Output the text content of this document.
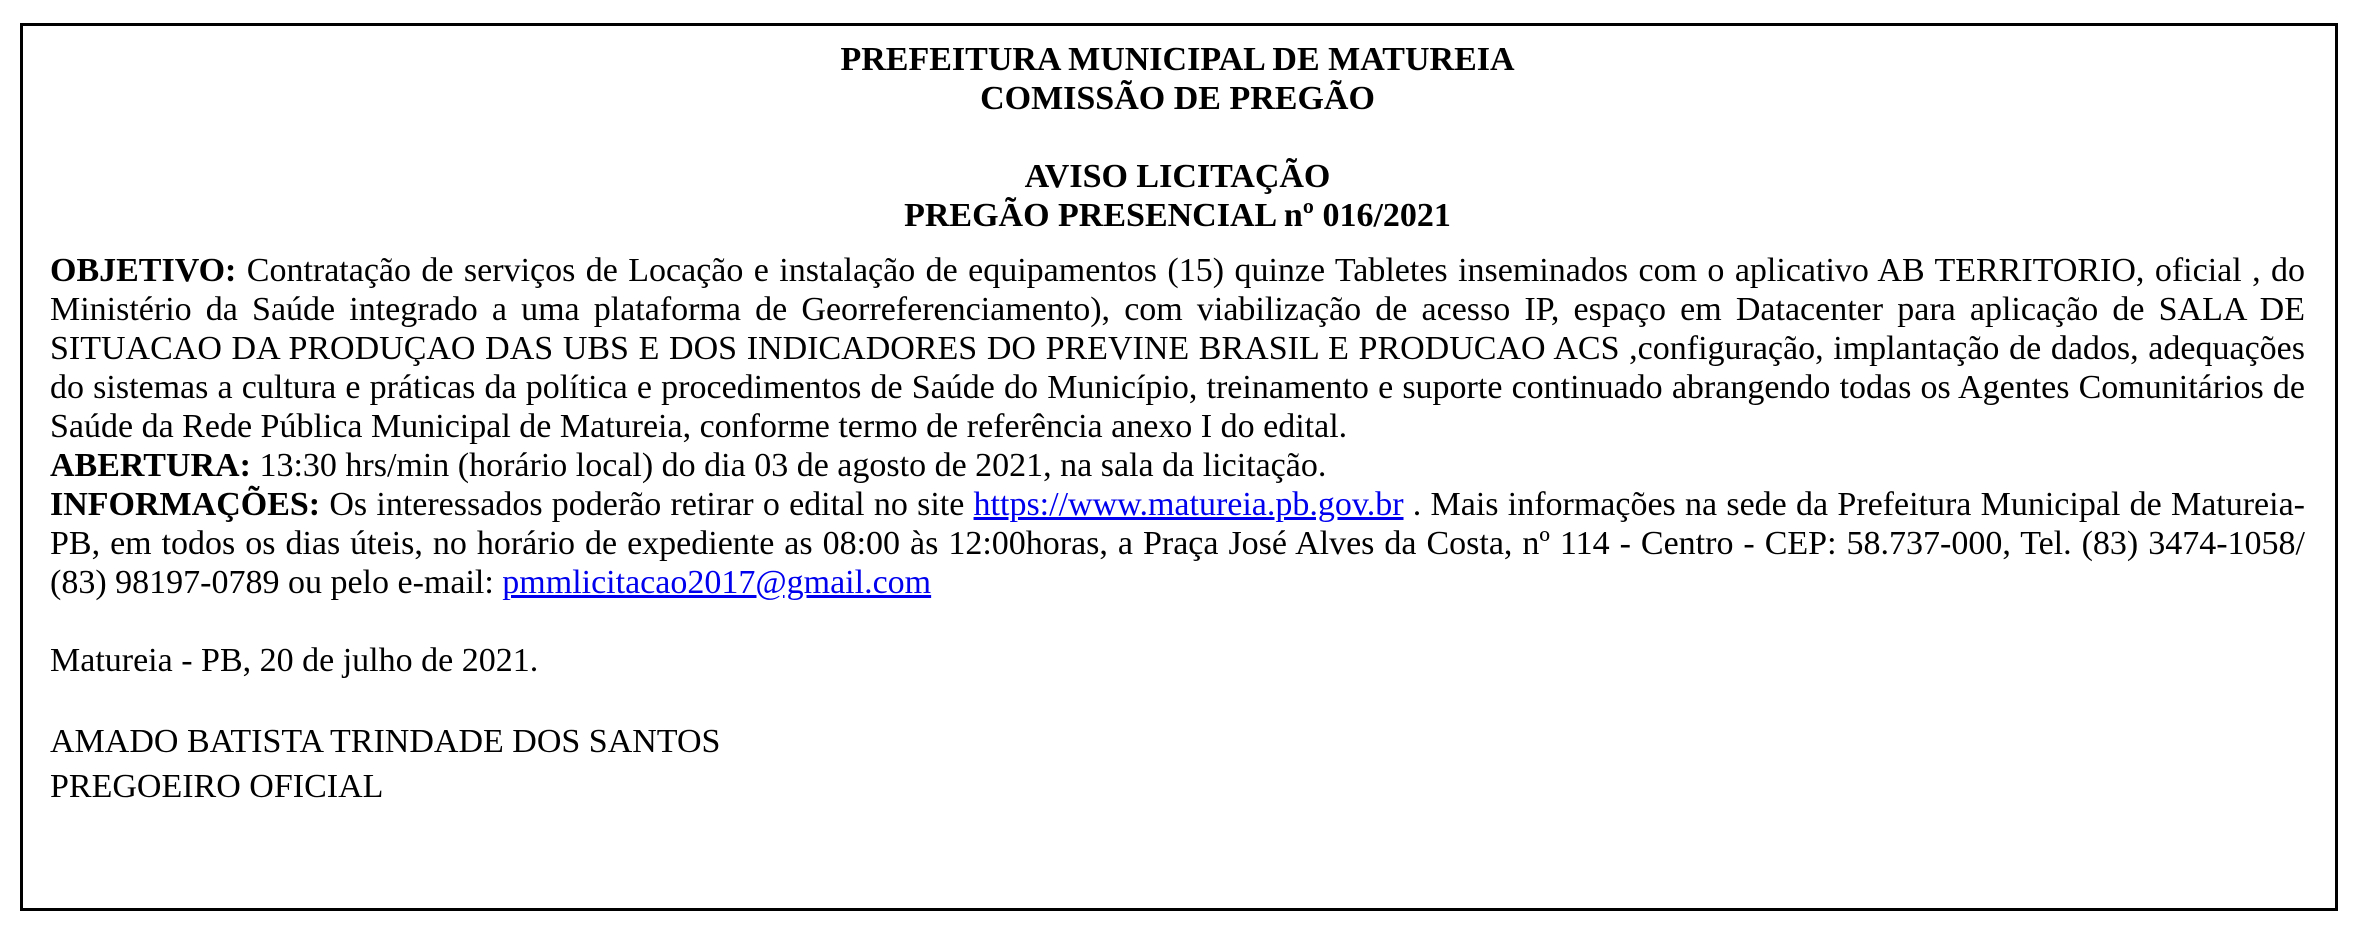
PREFEITURA MUNICIPAL DE MATUREIA
COMISSÃO DE PREGÃO
AVISO LICITAÇÃO
PREGÃO PRESENCIAL nº 016/2021
OBJETIVO: Contratação de serviços de Locação e instalação de equipamentos (15) quinze Tabletes inseminados com o aplicativo AB TERRITORIO, oficial , do Ministério da Saúde integrado a uma plataforma de Georreferenciamento), com viabilização de acesso IP, espaço em Datacenter para aplicação de SALA DE SITUACAO DA PRODUÇAO DAS UBS E DOS INDICADORES DO PREVINE BRASIL E PRODUCAO ACS ,configuração, implantação de dados, adequações do sistemas a cultura e práticas da política e procedimentos de Saúde do Município, treinamento e suporte continuado abrangendo todas os Agentes Comunitários de Saúde da Rede Pública Municipal de Matureia, conforme termo de referência anexo I do edital.
ABERTURA: 13:30 hrs/min (horário local) do dia 03 de agosto de 2021, na sala da licitação.
INFORMAÇÕES: Os interessados poderão retirar o edital no site https://www.matureia.pb.gov.br . Mais informações na sede da Prefeitura Municipal de Matureia-PB, em todos os dias úteis, no horário de expediente as 08:00 às 12:00horas, a Praça José Alves da Costa, nº 114 - Centro - CEP: 58.737-000, Tel. (83) 3474-1058/ (83) 98197-0789 ou pelo e-mail: pmmlicitacao2017@gmail.com
Matureia - PB, 20 de julho de 2021.
AMADO BATISTA TRINDADE DOS SANTOS
PREGOEIRO OFICIAL
